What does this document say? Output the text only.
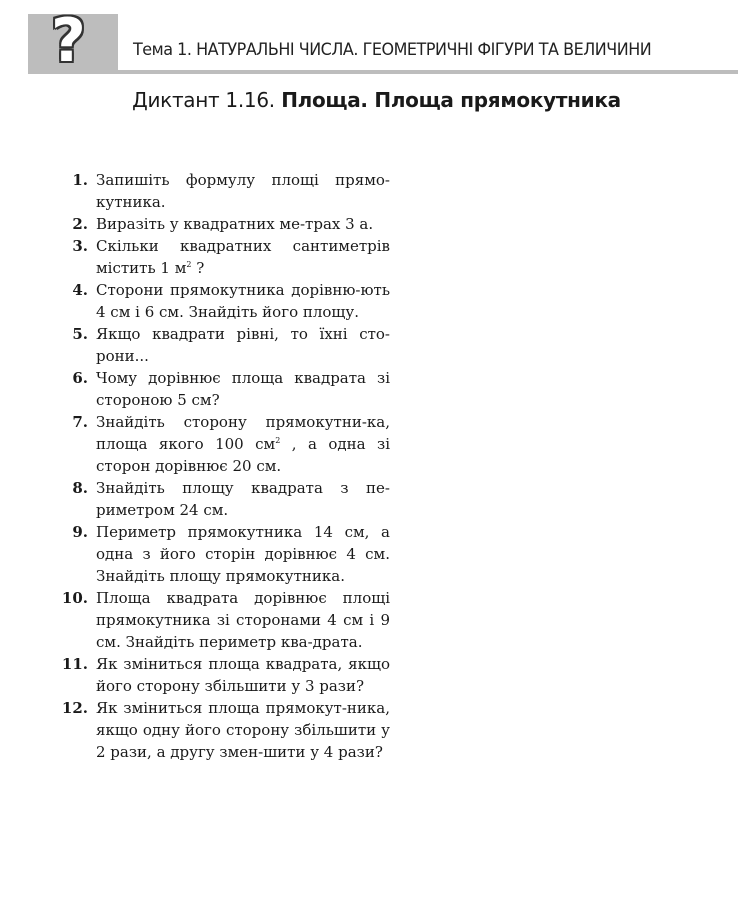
?	Тема 1. НАТУРАЛЬНІ ЧИСЛА. ГЕОМЕТРИЧНІ ФІГУРИ ТА ВЕЛИЧИНИ
Диктант 1.16. Площа. Площа прямокутника
1. Запишіть формулу площі прямо-кутника.
2. Виразіть у квадратних ме-трах 3 а.
3. Скільки квадратних сантиметрів містить 1 $м^2$ ?
4. Сторони прямокутника дорівню-ють 4 см і 6 см. Знайдіть його площу.
5. Якщо квадрати рівні, то їхні сто-рони...
6. Чому дорівнює площа квадрата зі стороною 5 см?
7. Знайдіть сторону прямокутни-ка, площа якого 100 $см^2$ , а одна зі сторон дорівнює 20 см.
8. Знайдіть площу квадрата з пе-риметром 24 см.
9. Периметр прямокутника 14 см, а одна з його сторін дорівнює 4 см. Знайдіть площу прямокутника.
10. Площа квадрата дорівнює площі прямокутника зі сторонами 4 см і 9 см. Знайдіть периметр ква-драта.
11. Як зміниться площа квадрата, якщо його сторону збільшити у 3 рази?
12. Як зміниться площа прямокут-ника, якщо одну його сторону збільшити у 2 рази, а другу змен-шити у 4 рази?
